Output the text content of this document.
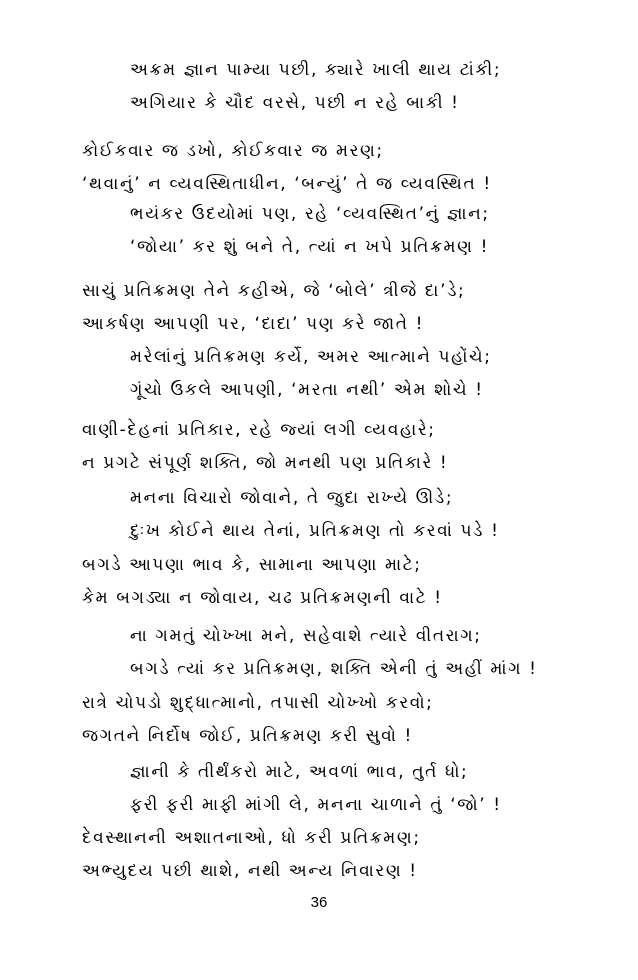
અક્રમ જ્ઞાન પામ્યા પછી, ક્યારે ખાલી થાય ટાંકી;
અગિયાર કે ચૌદ વરસે, પછી ન રહે બાકી !
કોઈકવાર જ ડખો, કોઈકવાર જ મરણ;
‘થવાનું’ ન વ્યવસ્થિતાધીન, ‘બન્યું’ તે જ વ્યવસ્થિત !
ભયંકર ઉદયોમાં પણ, રહે ‘વ્યવસ્થિત’નું જ્ઞાન;
‘જોયા’ કર શું બને તે, ત્યાં ન ખપે પ્રતિક્રમણ !
સાચું પ્રતિક્રમણ તેને કહીએ, જે ‘બોલે’ ત્રીજે દા’ડે;
આકર્ષણ આપણી પર, ‘દાદા’ પણ કરે જાતે !
મરેલાંનું પ્રતિક્રમણ કર્યે, અમર આત્માને પહોંચે;
ગૂંચો ઉકલે આપણી, ‘મરતા નથી’ એમ શોચે !
વાણી-દેહનાં પ્રતિકાર, રહે જ્યાં લગી વ્યવહારે;
ન પ્રગટે સંપૂર્ણ શક્તિ, જો મનથી પણ પ્રતિકારે !
મનના વિચારો જોવાને, તે જુદા રાખ્યે ઊડે;
દુઃખ કોઈને થાય તેનાં, પ્રતિક્રમણ તો કરવાં પડે !
બગડે આપણા ભાવ કે, સામાના આપણા માટે;
કેમ બગડ્યા ન જોવાય, ચઢ પ્રતિક્રમણની વાટે !
ના ગમતું ચોખ્ખા મને, સહેવાશે ત્યારે વીતરાગ;
બગડે ત્યાં કર પ્રતિક્રમણ, શક્તિ એની તું અહીં માંગ !
રાત્રે ચોપડો શુદ્ધાત્માનો, તપાસી ચોખ્ખો કરવો;
જગતને નિર્દોષ જોઈ, પ્રતિક્રમણ કરી સુવો !
જ્ઞાની કે તીર્થંકરો માટે, અવળાં ભાવ, તુર્ત ધો;
ફરી ફરી માફી માંગી લે, મનના ચાળાને તું ‘જો’ !
દેવસ્થાનની અશાતનાઓ, ધો કરી પ્રતિક્રમણ;
અભ્યુદય પછી થાશે, નથી અન્ય નિવારણ !
36
